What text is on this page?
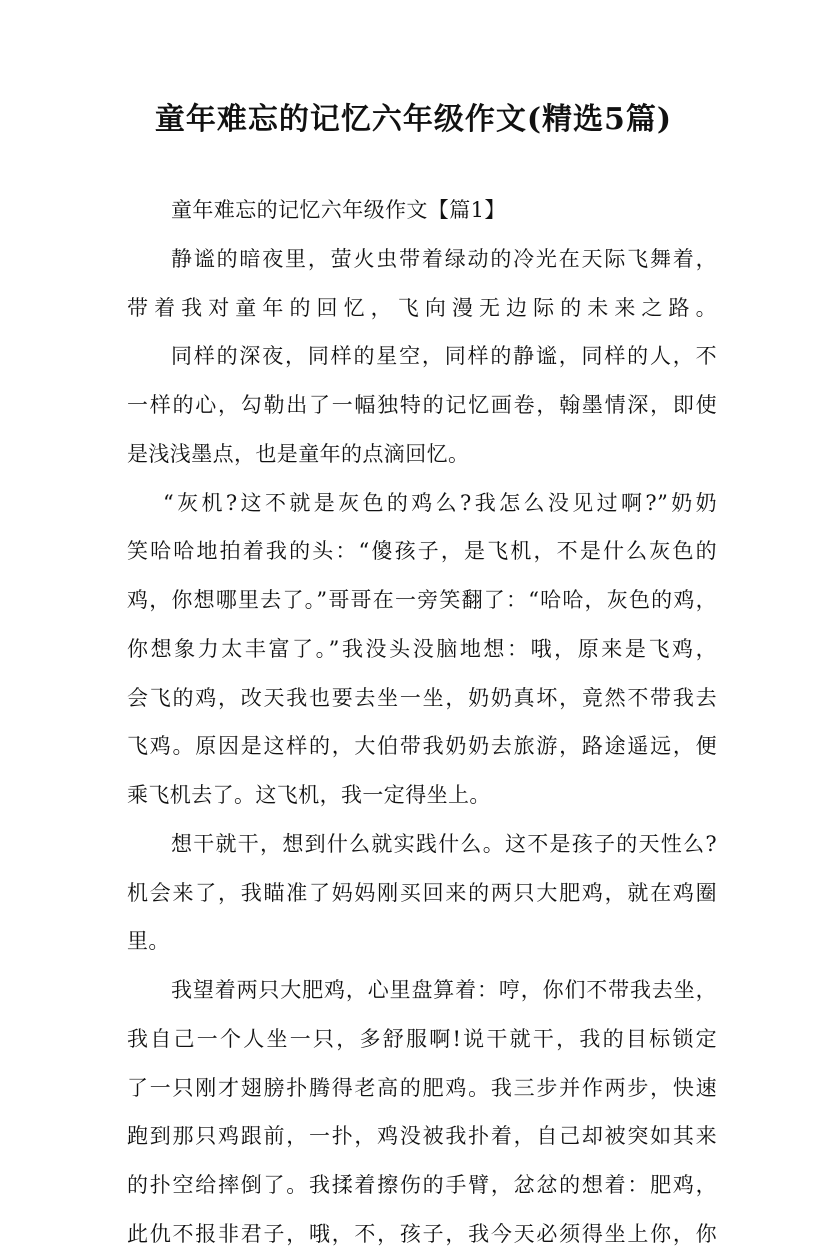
童年难忘的记忆六年级作文(精选5篇)
童年难忘的记忆六年级作文【篇1】
静谧的暗夜里，萤火虫带着绿动的冷光在天际飞舞着，
带着我对童年的回忆，飞向漫无边际的未来之路。
同样的深夜，同样的星空，同样的静谧，同样的人，不
一样的心，勾勒出了一幅独特的记忆画卷，翰墨情深，即使
是浅浅墨点，也是童年的点滴回忆。
“灰机?这不就是灰色的鸡么?我怎么没见过啊?”奶奶
笑哈哈地拍着我的头：“傻孩子，是飞机，不是什么灰色的
鸡，你想哪里去了。”哥哥在一旁笑翻了：“哈哈，灰色的鸡，
你想象力太丰富了。”我没头没脑地想：哦，原来是飞鸡，
会飞的鸡，改天我也要去坐一坐，奶奶真坏，竟然不带我去
飞鸡。原因是这样的，大伯带我奶奶去旅游，路途遥远，便
乘飞机去了。这飞机，我一定得坐上。
想干就干，想到什么就实践什么。这不是孩子的天性么?
机会来了，我瞄准了妈妈刚买回来的两只大肥鸡，就在鸡圈
里。
我望着两只大肥鸡，心里盘算着：哼，你们不带我去坐，
我自己一个人坐一只，多舒服啊!说干就干，我的目标锁定
了一只刚才翅膀扑腾得老高的肥鸡。我三步并作两步，快速
跑到那只鸡跟前，一扑，鸡没被我扑着，自己却被突如其来
的扑空给摔倒了。我揉着擦伤的手臂，忿忿的想着：肥鸡，
此仇不报非君子，哦，不，孩子，我今天必须得坐上你，你
